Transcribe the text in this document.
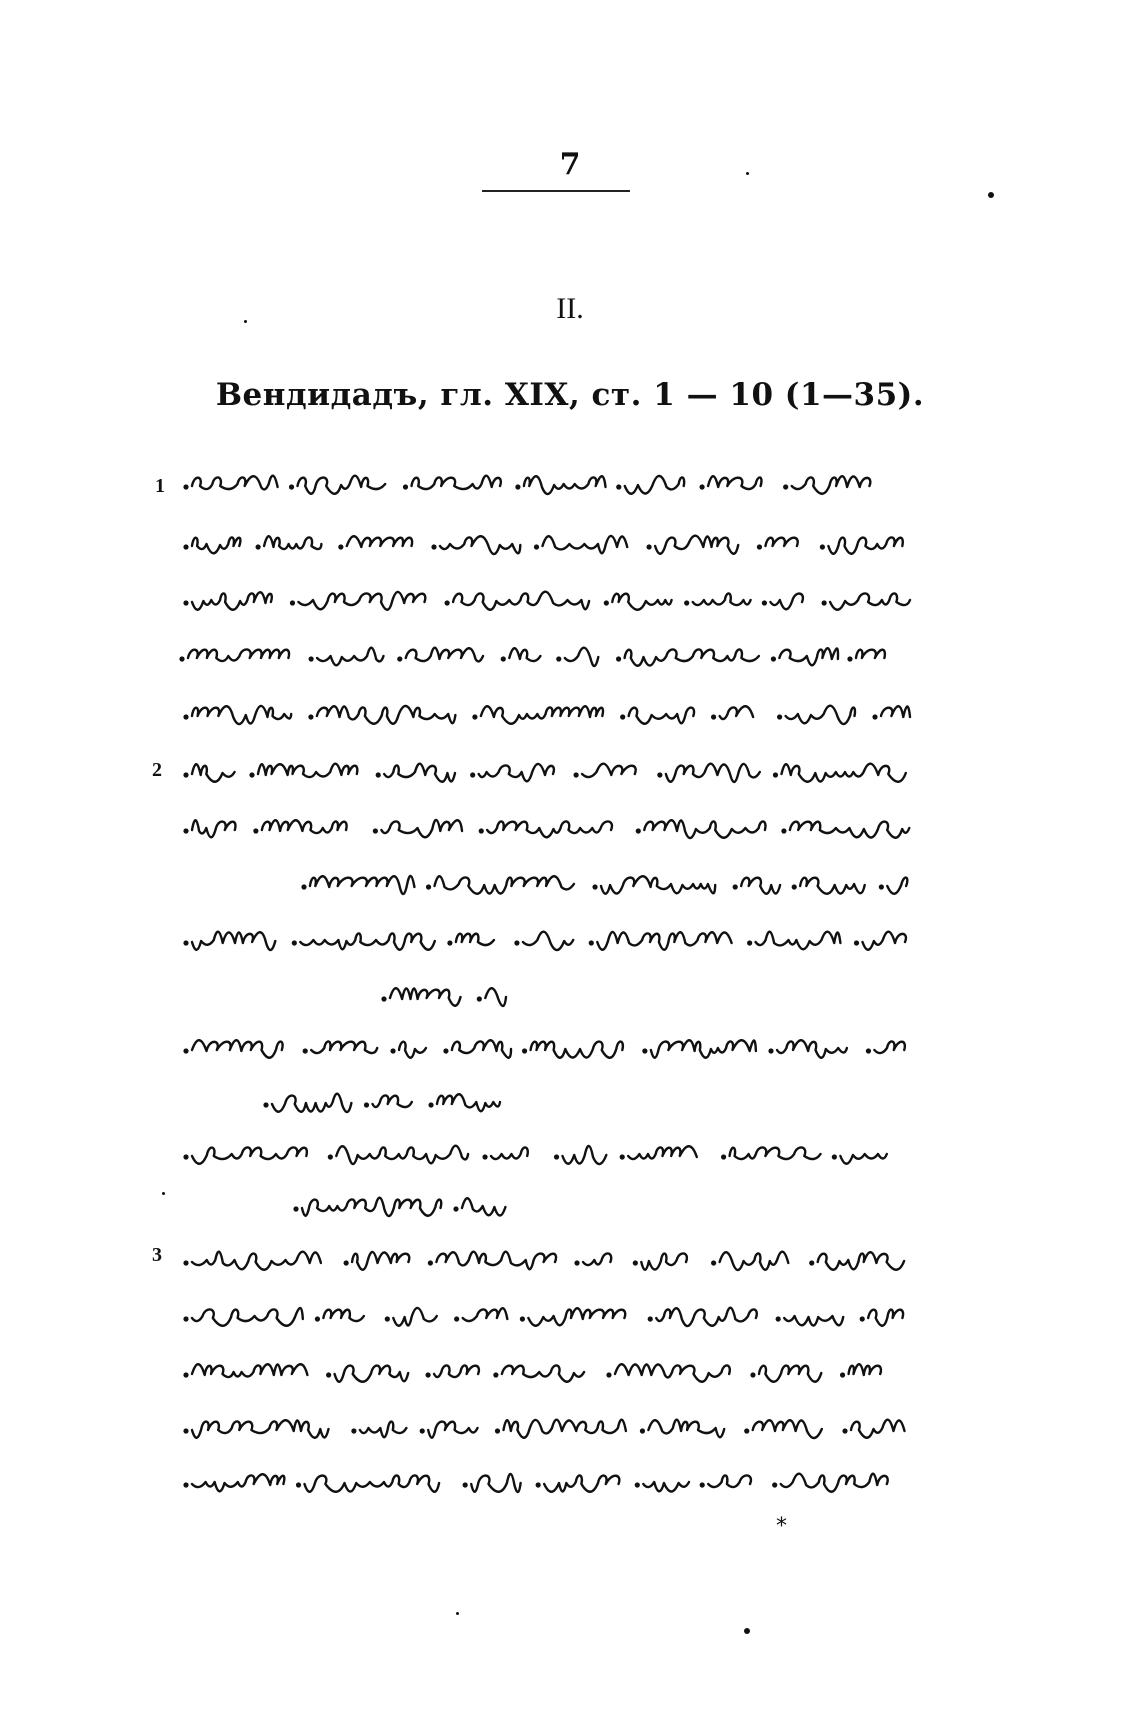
7
II.
Вендидадъ, гл. XIX, ст. 1 — 10 (1—35).
1
2
3
*
